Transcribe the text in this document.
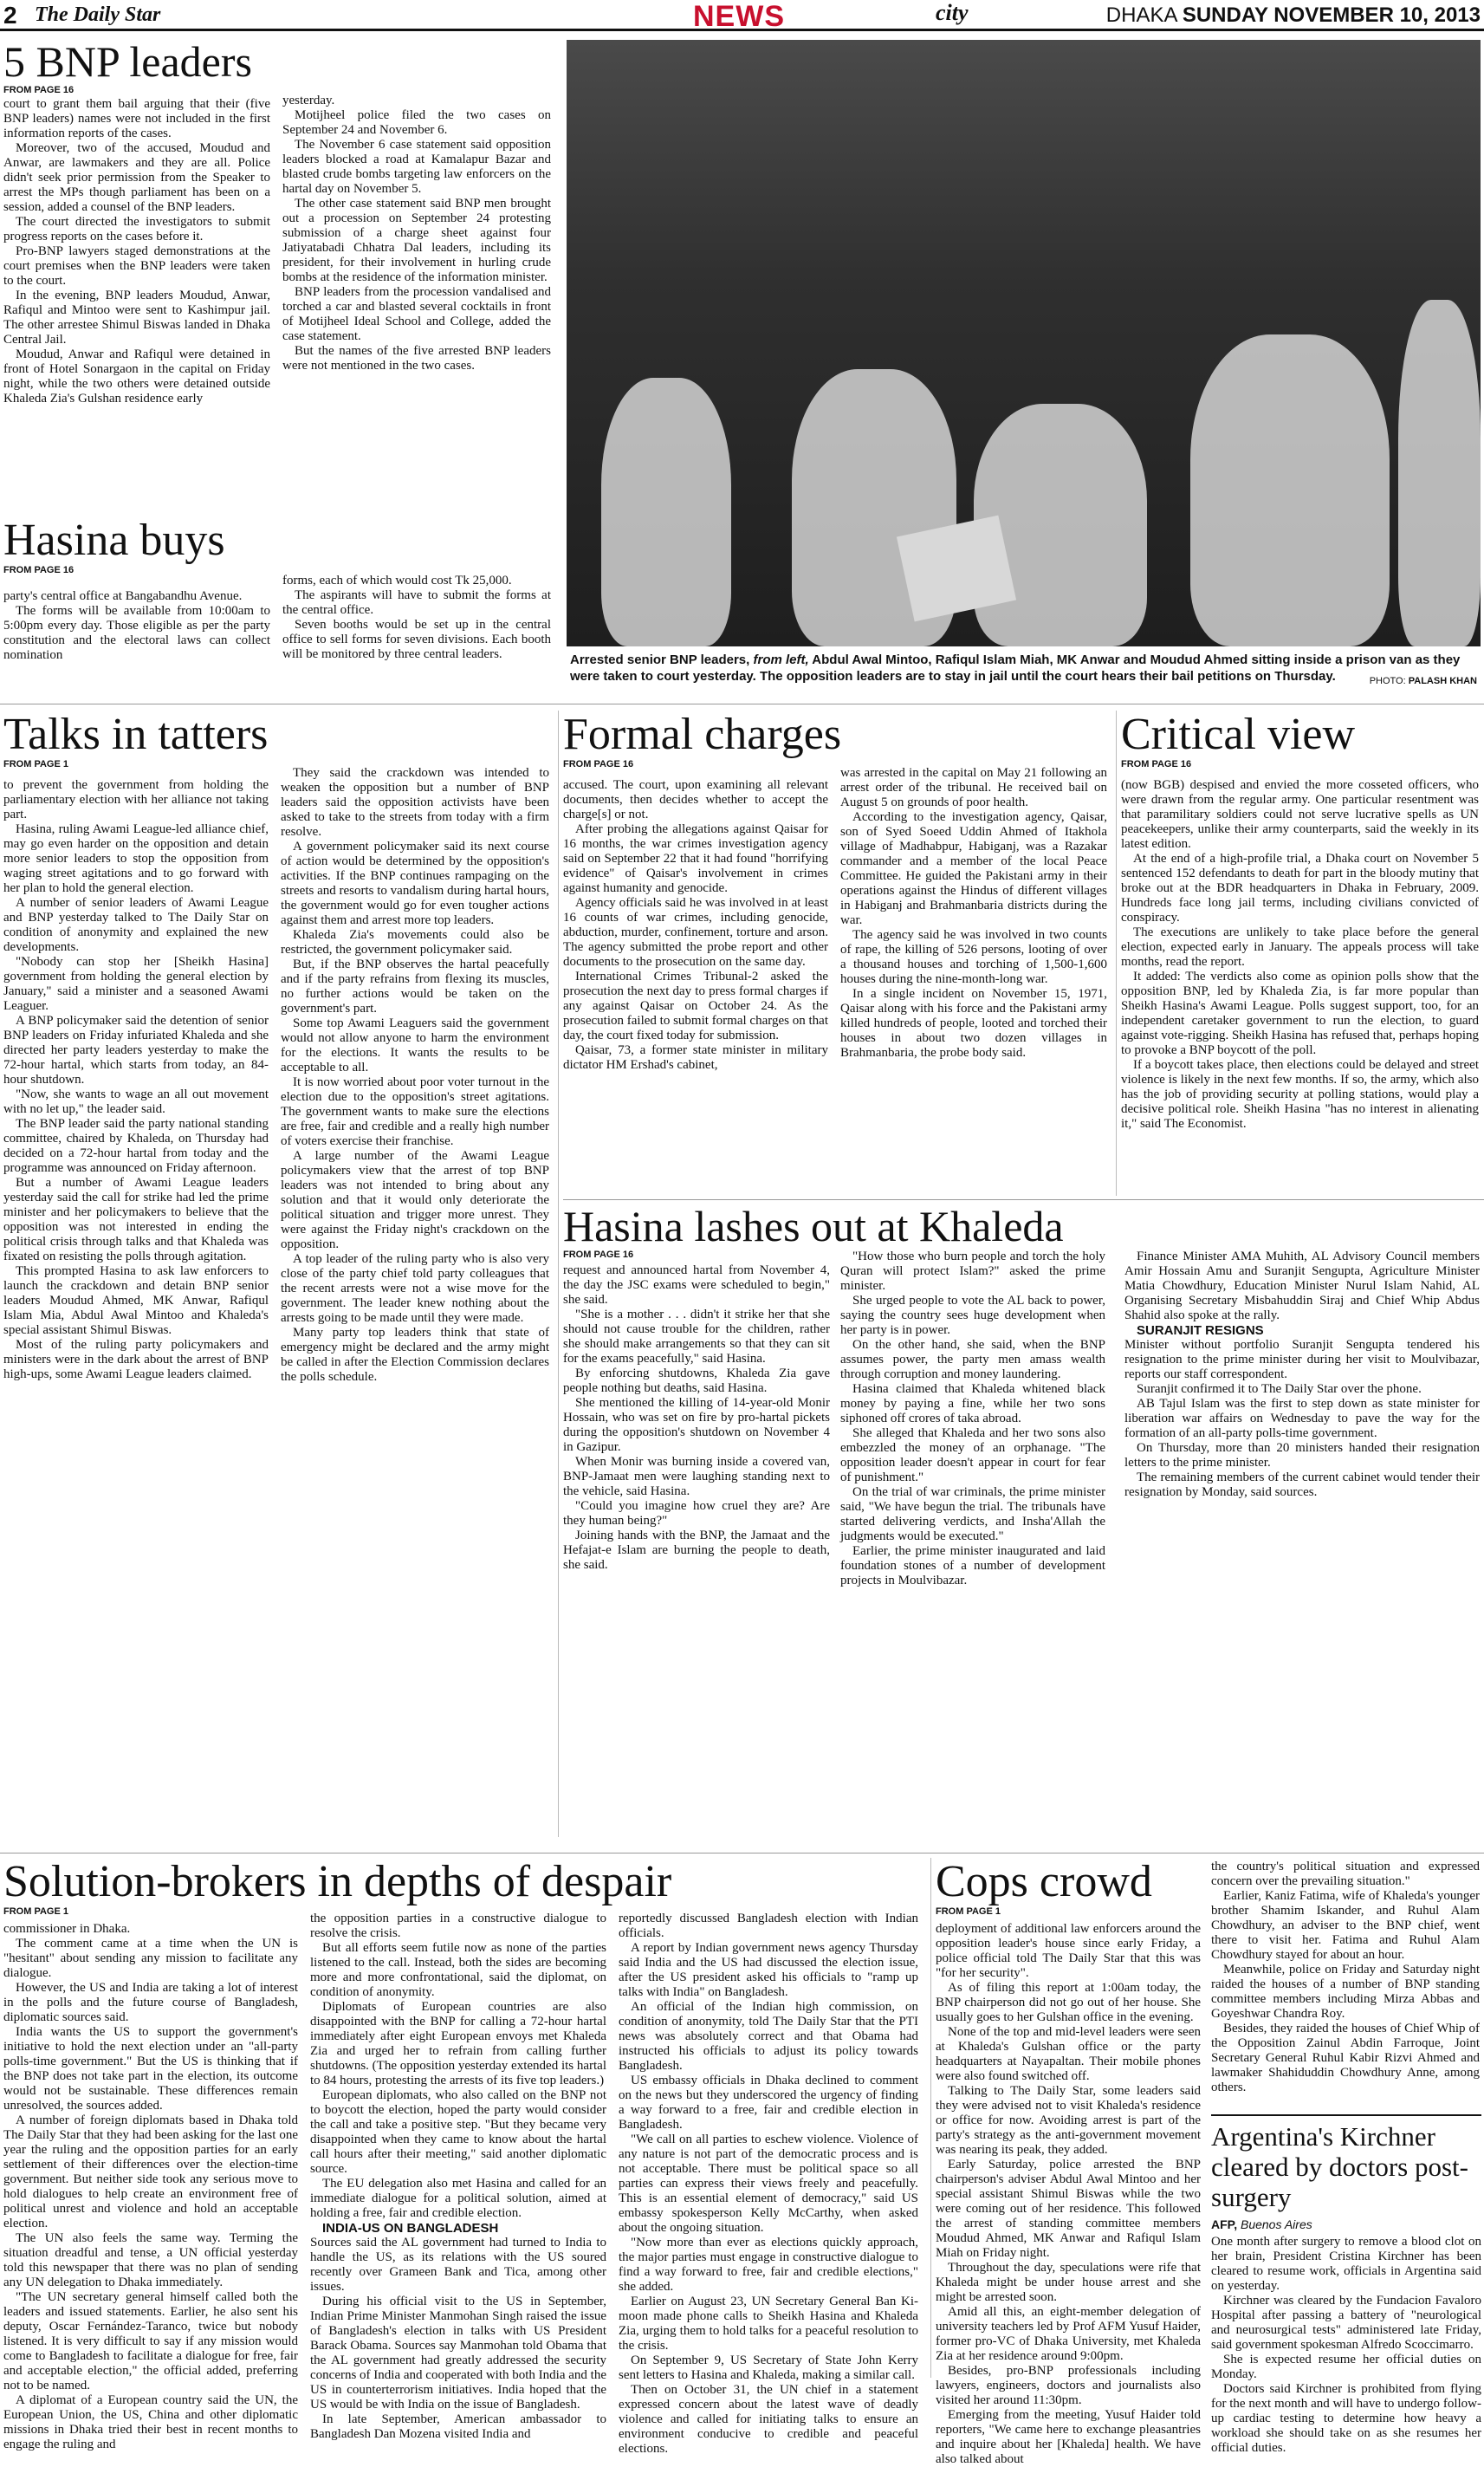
2 The Daily Star	NEWS	city	DHAKA SUNDAY NOVEMBER 10, 2013
5 BNP leaders
FROM PAGE 16

court to grant them bail arguing that their (five BNP leaders) names were not included in the first information reports of the cases.

Moreover, two of the accused, Moudud and Anwar, are lawmakers and they are all. Police didn't seek prior permission from the Speaker to arrest the MPs though parliament has been on a session, added a counsel of the BNP leaders.

The court directed the investigators to submit progress reports on the cases before it.

Pro-BNP lawyers staged demonstrations at the court premises when the BNP leaders were taken to the court.

In the evening, BNP leaders Moudud, Anwar, Rafiqul and Mintoo were sent to Kashimpur jail. The other arrestee Shimul Biswas landed in Dhaka Central Jail.

Moudud, Anwar and Rafiqul were detained in front of Hotel Sonargaon in the capital on Friday night, while the two others were detained outside Khaleda Zia's Gulshan residence early

yesterday.

Motijheel police filed the two cases on September 24 and November 6.

The November 6 case statement said opposition leaders blocked a road at Kamalapur Bazar and blasted crude bombs targeting law enforcers on the hartal day on November 5.

The other case statement said BNP men brought out a procession on September 24 protesting submission of a charge sheet against four Jatiyatabadi Chhatra Dal leaders, including its president, for their involvement in hurling crude bombs at the residence of the information minister.

BNP leaders from the procession vandalised and torched a car and blasted several cocktails in front of Motijheel Ideal School and College, added the case statement.

But the names of the five arrested BNP leaders were not mentioned in the two cases.

Hasina buys
FROM PAGE 16

party's central office at Bangabandhu Avenue.

The forms will be available from 10:00am to 5:00pm every day. Those eligible as per the party constitution and the electoral laws can collect nomination

forms, each of which would cost Tk 25,000.

The aspirants will have to submit the forms at the central office.

Seven booths would be set up in the central office to sell forms for seven divisions. Each booth will be monitored by three central leaders.	Arrested senior BNP leaders, from left, Abdul Awal Mintoo, Rafiqul Islam Miah, MK Anwar and Moudud Ahmed sitting inside a prison van as they were taken to court yesterday. The opposition leaders are to stay in jail until the court hears their bail petitions on Thursday.	PHOTO: PALASH KHAN
Talks in tatters
FROM PAGE 1

to prevent the government from holding the parliamentary election with her alliance not taking part.

Hasina, ruling Awami League-led alliance chief, may go even harder on the opposition and detain more senior leaders to stop the opposition from waging street agitations and to go forward with her plan to hold the general election.

A number of senior leaders of Awami League and BNP yesterday talked to The Daily Star on condition of anonymity and explained the new developments.

"Nobody can stop her [Sheikh Hasina] government from holding the general election by January," said a minister and a seasoned Awami Leaguer.

A BNP policymaker said the detention of senior BNP leaders on Friday infuriated Khaleda and she directed her party leaders yesterday to make the 72-hour hartal, which starts from today, an 84-hour shutdown.

"Now, she wants to wage an all out movement with no let up," the leader said.

The BNP leader said the party national standing committee, chaired by Khaleda, on Thursday had decided on a 72-hour hartal from today and the programme was announced on Friday afternoon.

But a number of Awami League leaders yesterday said the call for strike had led the prime minister and her policymakers to believe that the opposition was not interested in ending the political crisis through talks and that Khaleda was fixated on resisting the polls through agitation.

This prompted Hasina to ask law enforcers to launch the crackdown and detain BNP senior leaders Moudud Ahmed, MK Anwar, Rafiqul Islam Mia, Abdul Awal Mintoo and Khaleda's special assistant Shimul Biswas.

Most of the ruling party policymakers and ministers were in the dark about the arrest of BNP high-ups, some Awami League leaders claimed.

They said the crackdown was intended to weaken the opposition but a number of BNP leaders said the opposition activists have been asked to take to the streets from today with a firm resolve.

A government policymaker said its next course of action would be determined by the opposition's activities. If the BNP continues rampaging on the streets and resorts to vandalism during hartal hours, the government would go for even tougher actions against them and arrest more top leaders.

Khaleda Zia's movements could also be restricted, the government policymaker said.

But, if the BNP observes the hartal peacefully and if the party refrains from flexing its muscles, no further actions would be taken on the government's part.

Some top Awami Leaguers said the government would not allow anyone to harm the environment for the elections. It wants the results to be acceptable to all.

It is now worried about poor voter turnout in the election due to the opposition's street agitations. The government wants to make sure the elections are free, fair and credible and a really high number of voters exercise their franchise.

A large number of the Awami League policymakers view that the arrest of top BNP leaders was not intended to bring about any solution and that it would only deteriorate the political situation and trigger more unrest. They were against the Friday night's crackdown on the opposition.

A top leader of the ruling party who is also very close of the party chief told party colleagues that the recent arrests were not a wise move for the government. The leader knew nothing about the arrests going to be made until they were made.

Many party top leaders think that state of emergency might be declared and the army might be called in after the Election Commission declares the polls schedule.

Formal charges
FROM PAGE 16

accused. The court, upon examining all relevant documents, then decides whether to accept the charge[s] or not.

After probing the allegations against Qaisar for 16 months, the war crimes investigation agency said on September 22 that it had found "horrifying evidence" of Qaisar's involvement in crimes against humanity and genocide.

Agency officials said he was involved in at least 16 counts of war crimes, including genocide, abduction, murder, confinement, torture and arson. The agency submitted the probe report and other documents to the prosecution on the same day.

International Crimes Tribunal-2 asked the prosecution the next day to press formal charges if any against Qaisar on October 24. As the prosecution failed to submit formal charges on that day, the court fixed today for submission.

Qaisar, 73, a former state minister in military dictator HM Ershad's cabinet,

was arrested in the capital on May 21 following an arrest order of the tribunal. He received bail on August 5 on grounds of poor health.

According to the investigation agency, Qaisar, son of Syed Soeed Uddin Ahmed of Itakhola village of Madhabpur, Habiganj, was a Razakar commander and a member of the local Peace Committee. He guided the Pakistani army in their operations against the Hindus of different villages in Habiganj and Brahmanbaria districts during the war.

The agency said he was involved in two counts of rape, the killing of 526 persons, looting of over a thousand houses and torching of 1,500-1,600 houses during the nine-month-long war.

In a single incident on November 15, 1971, Qaisar along with his force and the Pakistani army killed hundreds of people, looted and torched their houses in about two dozen villages in Brahmanbaria, the probe body said.

Critical view
FROM PAGE 16

(now BGB) despised and envied the more cosseted officers, who were drawn from the regular army. One particular resentment was that paramilitary soldiers could not serve lucrative spells as UN peacekeepers, unlike their army counterparts, said the weekly in its latest edition.

At the end of a high-profile trial, a Dhaka court on November 5 sentenced 152 defendants to death for part in the bloody mutiny that broke out at the BDR headquarters in Dhaka in February, 2009. Hundreds face long jail terms, including civilians convicted of conspiracy.

The executions are unlikely to take place before the general election, expected early in January. The appeals process will take months, read the report.

It added: The verdicts also come as opinion polls show that the opposition BNP, led by Khaleda Zia, is far more popular than Sheikh Hasina's Awami League. Polls suggest support, too, for an independent caretaker government to run the election, to guard against vote-rigging. Sheikh Hasina has refused that, perhaps hoping to provoke a BNP boycott of the poll.

If a boycott takes place, then elections could be delayed and street violence is likely in the next few months. If so, the army, which also has the job of providing security at polling stations, would play a decisive political role. Sheikh Hasina "has no interest in alienating it," said The Economist.

Hasina lashes out at Khaleda
FROM PAGE 16

request and announced hartal from November 4, the day the JSC exams were scheduled to begin," she said.

"She is a mother . . . didn't it strike her that she should not cause trouble for the children, rather she should make arrangements so that they can sit for the exams peacefully," said Hasina.

By enforcing shutdowns, Khaleda Zia gave people nothing but deaths, said Hasina.

She mentioned the killing of 14-year-old Monir Hossain, who was set on fire by pro-hartal pickets during the opposition's shutdown on November 4 in Gazipur.

When Monir was burning inside a covered van, BNP-Jamaat men were laughing standing next to the vehicle, said Hasina.

"Could you imagine how cruel they are? Are they human being?"

Joining hands with the BNP, the Jamaat and the Hefajat-e Islam are burning the people to death, she said.

"How those who burn people and torch the holy Quran will protect Islam?" asked the prime minister.

She urged people to vote the AL back to power, saying the country sees huge development when her party is in power.

On the other hand, she said, when the BNP assumes power, the party men amass wealth through corruption and money laundering.

Hasina claimed that Khaleda whitened black money by paying a fine, while her two sons siphoned off crores of taka abroad.

She alleged that Khaleda and her two sons also embezzled the money of an orphanage. "The opposition leader doesn't appear in court for fear of punishment."

On the trial of war criminals, the prime minister said, "We have begun the trial. The tribunals have started delivering verdicts, and Insha'Allah the judgments would be executed."

Earlier, the prime minister inaugurated and laid foundation stones of a number of development projects in Moulvibazar.

Finance Minister AMA Muhith, AL Advisory Council members Amir Hossain Amu and Suranjit Sengupta, Agriculture Minister Matia Chowdhury, Education Minister Nurul Islam Nahid, AL Organising Secretary Misbahuddin Siraj and Chief Whip Abdus Shahid also spoke at the rally.

SURANJIT RESIGNS

Minister without portfolio Suranjit Sengupta tendered his resignation to the prime minister during her visit to Moulvibazar, reports our staff correspondent.

Suranjit confirmed it to The Daily Star over the phone.

AB Tajul Islam was the first to step down as state minister for liberation war affairs on Wednesday to pave the way for the formation of an all-party polls-time government.

On Thursday, more than 20 ministers handed their resignation letters to the prime minister.

The remaining members of the current cabinet would tender their resignation by Monday, said sources.

Solution-brokers in depths of despair
FROM PAGE 1

commissioner in Dhaka.

The comment came at a time when the UN is "hesitant" about sending any mission to facilitate any dialogue.

However, the US and India are taking a lot of interest in the polls and the future course of Bangladesh, diplomatic sources said.

India wants the US to support the government's initiative to hold the next election under an "all-party polls-time government." But the US is thinking that if the BNP does not take part in the election, its outcome would not be sustainable. These differences remain unresolved, the sources added.

A number of foreign diplomats based in Dhaka told The Daily Star that they had been asking for the last one year the ruling and the opposition parties for an early settlement of their differences over the election-time government. But neither side took any serious move to hold dialogues to help create an environment free of political unrest and violence and hold an acceptable election.

The UN also feels the same way. Terming the situation dreadful and tense, a UN official yesterday told this newspaper that there was no plan of sending any UN delegation to Dhaka immediately.

"The UN secretary general himself called both the leaders and issued statements. Earlier, he also sent his deputy, Oscar Fernández-Taranco, twice but nobody listened. It is very difficult to say if any mission would come to Bangladesh to facilitate a dialogue for free, fair and acceptable election," the official added, preferring not to be named.

A diplomat of a European country said the UN, the European Union, the US, China and other diplomatic missions in Dhaka tried their best in recent months to engage the ruling and

the opposition parties in a constructive dialogue to resolve the crisis.

But all efforts seem futile now as none of the parties listened to the call. Instead, both the sides are becoming more and more confrontational, said the diplomat, on condition of anonymity.

Diplomats of European countries are also disappointed with the BNP for calling a 72-hour hartal immediately after eight European envoys met Khaleda Zia and urged her to refrain from calling further shutdowns. (The opposition yesterday extended its hartal to 84 hours, protesting the arrests of its five top leaders.)

European diplomats, who also called on the BNP not to boycott the election, hoped the party would consider the call and take a positive step. "But they became very disappointed when they came to know about the hartal call hours after their meeting," said another diplomatic source.

The EU delegation also met Hasina and called for an immediate dialogue for a political solution, aimed at holding a free, fair and credible election.

INDIA-US ON BANGLADESH

Sources said the AL government had turned to India to handle the US, as its relations with the US soured recently over Grameen Bank and Tica, among other issues.

During his official visit to the US in September, Indian Prime Minister Manmohan Singh raised the issue of Bangladesh's election in talks with US President Barack Obama. Sources say Manmohan told Obama that the AL government had greatly addressed the security concerns of India and cooperated with both India and the US in counterterrorism initiatives. India hoped that the US would be with India on the issue of Bangladesh.

In late September, American ambassador to Bangladesh Dan Mozena visited India and

reportedly discussed Bangladesh election with Indian officials.

A report by Indian government news agency Thursday said India and the US had discussed the election issue, after the US president asked his officials to "ramp up talks with India" on Bangladesh.

An official of the Indian high commission, on condition of anonymity, told The Daily Star that the PTI news was absolutely correct and that Obama had instructed his officials to adjust its policy towards Bangladesh.

US embassy officials in Dhaka declined to comment on the news but they underscored the urgency of finding a way forward to a free, fair and credible election in Bangladesh.

"We call on all parties to eschew violence. Violence of any nature is not part of the democratic process and is not acceptable. There must be political space so all parties can express their views freely and peacefully. This is an essential element of democracy," said US embassy spokesperson Kelly McCarthy, when asked about the ongoing situation.

"Now more than ever as elections quickly approach, the major parties must engage in constructive dialogue to find a way forward to free, fair and credible elections," she added.

Earlier on August 23, UN Secretary General Ban Ki-moon made phone calls to Sheikh Hasina and Khaleda Zia, urging them to hold talks for a peaceful resolution to the crisis.

On September 9, US Secretary of State John Kerry sent letters to Hasina and Khaleda, making a similar call.

Then on October 31, the UN chief in a statement expressed concern about the latest wave of deadly violence and called for initiating talks to ensure an environment conducive to credible and peaceful elections.

Cops crowd
FROM PAGE 1

deployment of additional law enforcers around the opposition leader's house since early Friday, a police official told The Daily Star that this was "for her security".

As of filing this report at 1:00am today, the BNP chairperson did not go out of her house. She usually goes to her Gulshan office in the evening.

None of the top and mid-level leaders were seen at Khaleda's Gulshan office or the party headquarters at Nayapaltan. Their mobile phones were also found switched off.

Talking to The Daily Star, some leaders said they were advised not to visit Khaleda's residence or office for now. Avoiding arrest is part of the party's strategy as the anti-government movement was nearing its peak, they added.

Early Saturday, police arrested the BNP chairperson's adviser Abdul Awal Mintoo and her special assistant Shimul Biswas while the two were coming out of her residence. This followed the arrest of standing committee members Moudud Ahmed, MK Anwar and Rafiqul Islam Miah on Friday night.

Throughout the day, speculations were rife that Khaleda might be under house arrest and she might be arrested soon.

Amid all this, an eight-member delegation of university teachers led by Prof AFM Yusuf Haider, former pro-VC of Dhaka University, met Khaleda Zia at her residence around 9:00pm.

Besides, pro-BNP professionals including lawyers, engineers, doctors and journalists also visited her around 11:30pm.

Emerging from the meeting, Yusuf Haider told reporters, "We came here to exchange pleasantries and inquire about her [Khaleda] health. We have also talked about

the country's political situation and expressed concern over the prevailing situation."

Earlier, Kaniz Fatima, wife of Khaleda's younger brother Shamim Iskander, and Ruhul Alam Chowdhury, an adviser to the BNP chief, went there to visit her. Fatima and Ruhul Alam Chowdhury stayed for about an hour.

Meanwhile, police on Friday and Saturday night raided the houses of a number of BNP standing committee members including Mirza Abbas and Goyeshwar Chandra Roy.

Besides, they raided the houses of Chief Whip of the Opposition Zainul Abdin Farroque, Joint Secretary General Ruhul Kabir Rizvi Ahmed and lawmaker Shahiduddin Chowdhury Anne, among others.

Argentina's Kirchner cleared by doctors post-surgery
AFP, Buenos Aires

One month after surgery to remove a blood clot on her brain, President Cristina Kirchner has been cleared to resume work, officials in Argentina said on yesterday.

Kirchner was cleared by the Fundacion Favaloro Hospital after passing a battery of "neurological and neurosurgical tests" administered late Friday, said government spokesman Alfredo Scoccimarro.

She is expected resume her official duties on Monday.

Doctors said Kirchner is prohibited from flying for the next month and will have to undergo follow-up cardiac testing to determine how heavy a workload she should take on as she resumes her official duties.
